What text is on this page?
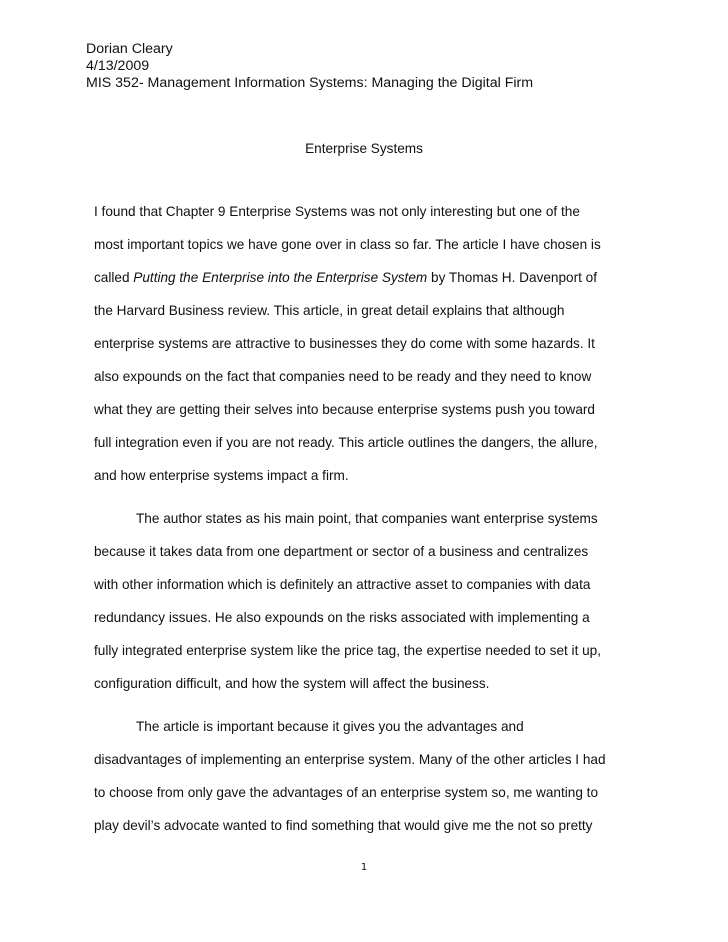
Dorian Cleary
4/13/2009
MIS 352- Management Information Systems: Managing the Digital Firm
Enterprise Systems
I found that Chapter 9 Enterprise Systems was not only interesting but one of the
most important topics we have gone over in class so far. The article I have chosen is
called Putting the Enterprise into the Enterprise System by Thomas H. Davenport of
the Harvard Business review. This article, in great detail explains that although
enterprise systems are attractive to businesses they do come with some hazards. It
also expounds on the fact that companies need to be ready and they need to know
what they are getting their selves into because enterprise systems push you toward
full integration even if you are not ready. This article outlines the dangers, the allure,
and how enterprise systems impact a firm.
The author states as his main point, that companies want enterprise systems
because it takes data from one department or sector of a business and centralizes
with other information which is definitely an attractive asset to companies with data
redundancy issues. He also expounds on the risks associated with implementing a
fully integrated enterprise system like the price tag, the expertise needed to set it up,
configuration difficult, and how the system will affect the business.
The article is important because it gives you the advantages and
disadvantages of implementing an enterprise system. Many of the other articles I had
to choose from only gave the advantages of an enterprise system so, me wanting to
play devil’s advocate wanted to find something that would give me the not so pretty
1
